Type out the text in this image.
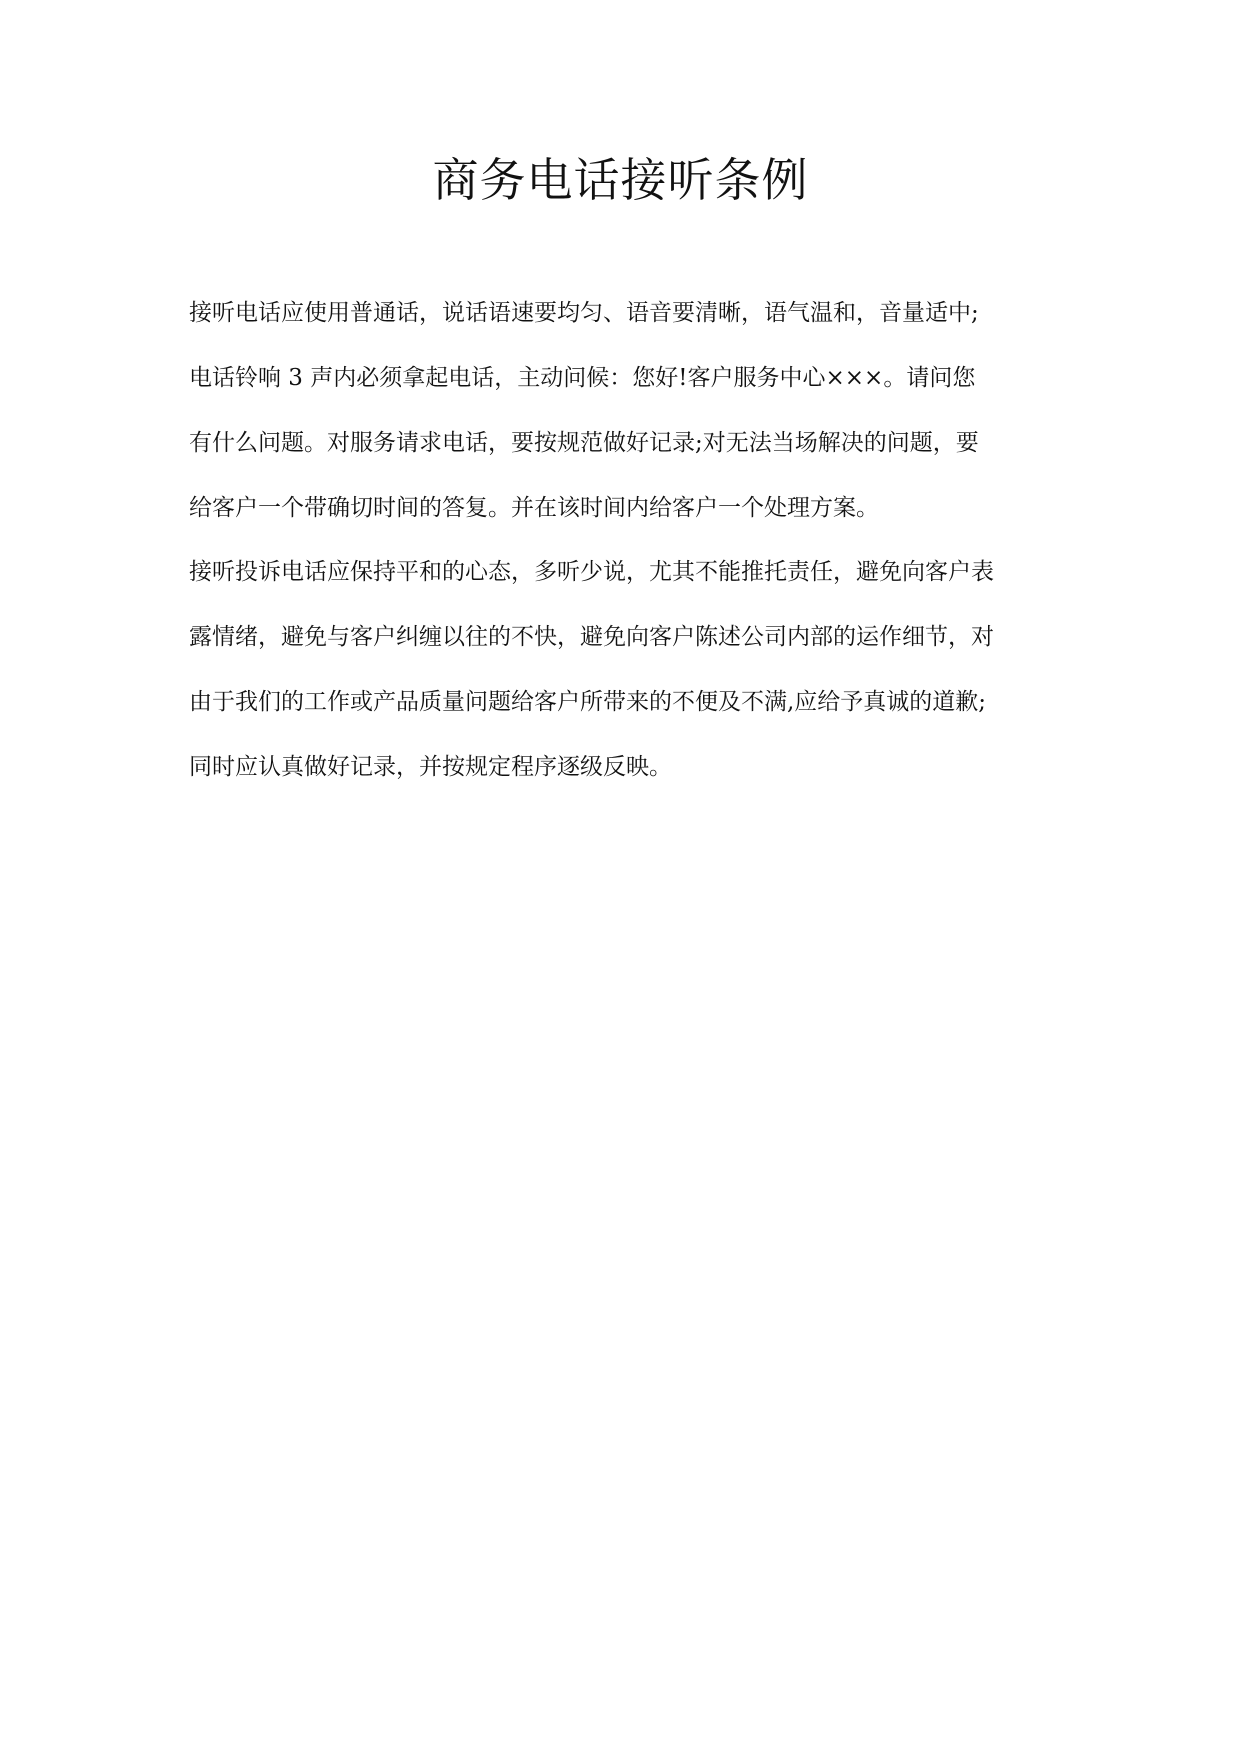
商务电话接听条例

接听电话应使用普通话，说话语速要均匀、语音要清晰，语气温和，音量适中;

电话铃响 3 声内必须拿起电话，主动问候：您好!客户服务中心×××。请问您

有什么问题。对服务请求电话，要按规范做好记录;对无法当场解决的问题，要

给客户一个带确切时间的答复。并在该时间内给客户一个处理方案。

接听投诉电话应保持平和的心态，多听少说，尤其不能推托责任，避免向客户表

露情绪，避免与客户纠缠以往的不快，避免向客户陈述公司内部的运作细节，对

由于我们的工作或产品质量问题给客户所带来的不便及不满,应给予真诚的道歉;

同时应认真做好记录，并按规定程序逐级反映。
